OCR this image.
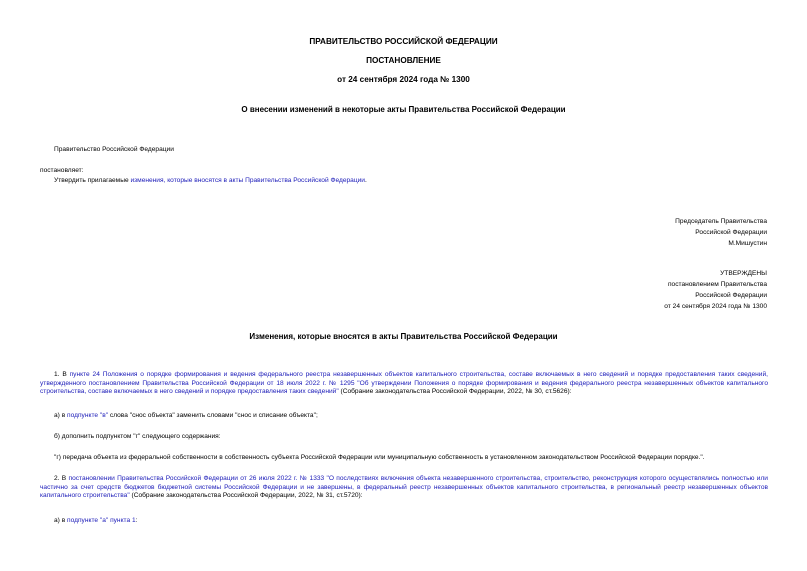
ПРАВИТЕЛЬСТВО РОССИЙСКОЙ ФЕДЕРАЦИИ
ПОСТАНОВЛЕНИЕ
от 24 сентября 2024 года № 1300
О внесении изменений в некоторые акты Правительства Российской Федерации
Правительство Российской Федерации
постановляет:
Утвердить прилагаемые изменения, которые вносятся в акты Правительства Российской Федерации.
Председатель Правительства
Российской Федерации
М.Мишустин
УТВЕРЖДЕНЫ
постановлением Правительства
Российской Федерации
от 24 сентября 2024 года № 1300
Изменения, которые вносятся в акты Правительства Российской Федерации
1. В пункте 24 Положения о порядке формирования и ведения федерального реестра незавершенных объектов капитального строительства, составе включаемых в него сведений и порядке предоставления таких сведений, утвержденного постановлением Правительства Российской Федерации от 18 июля 2022 г. № 1295 "Об утверждении Положения о порядке формирования и ведения федерального реестра незавершенных объектов капитального строительства, составе включаемых в него сведений и порядке предоставления таких сведений" (Собрание законодательства Российской Федерации, 2022, № 30, ст.5626):
а) в подпункте "в" слова "снос объекта" заменить словами "снос и списание объекта";
б) дополнить подпунктом "г" следующего содержания:
"г) передача объекта из федеральной собственности в собственность субъекта Российской Федерации или муниципальную собственность в установленном законодательством Российской Федерации порядке.".
2. В постановлении Правительства Российской Федерации от 26 июля 2022 г. № 1333 "О последствиях включения объекта незавершенного строительства, строительство, реконструкция которого осуществлялись полностью или частично за счет средств бюджетов бюджетной системы Российской Федерации и не завершены, в федеральный реестр незавершенных объектов капитального строительства, в региональный реестр незавершенных объектов капитального строительства" (Собрание законодательства Российской Федерации, 2022, № 31, ст.5720):
а) в подпункте "а" пункта 1:
